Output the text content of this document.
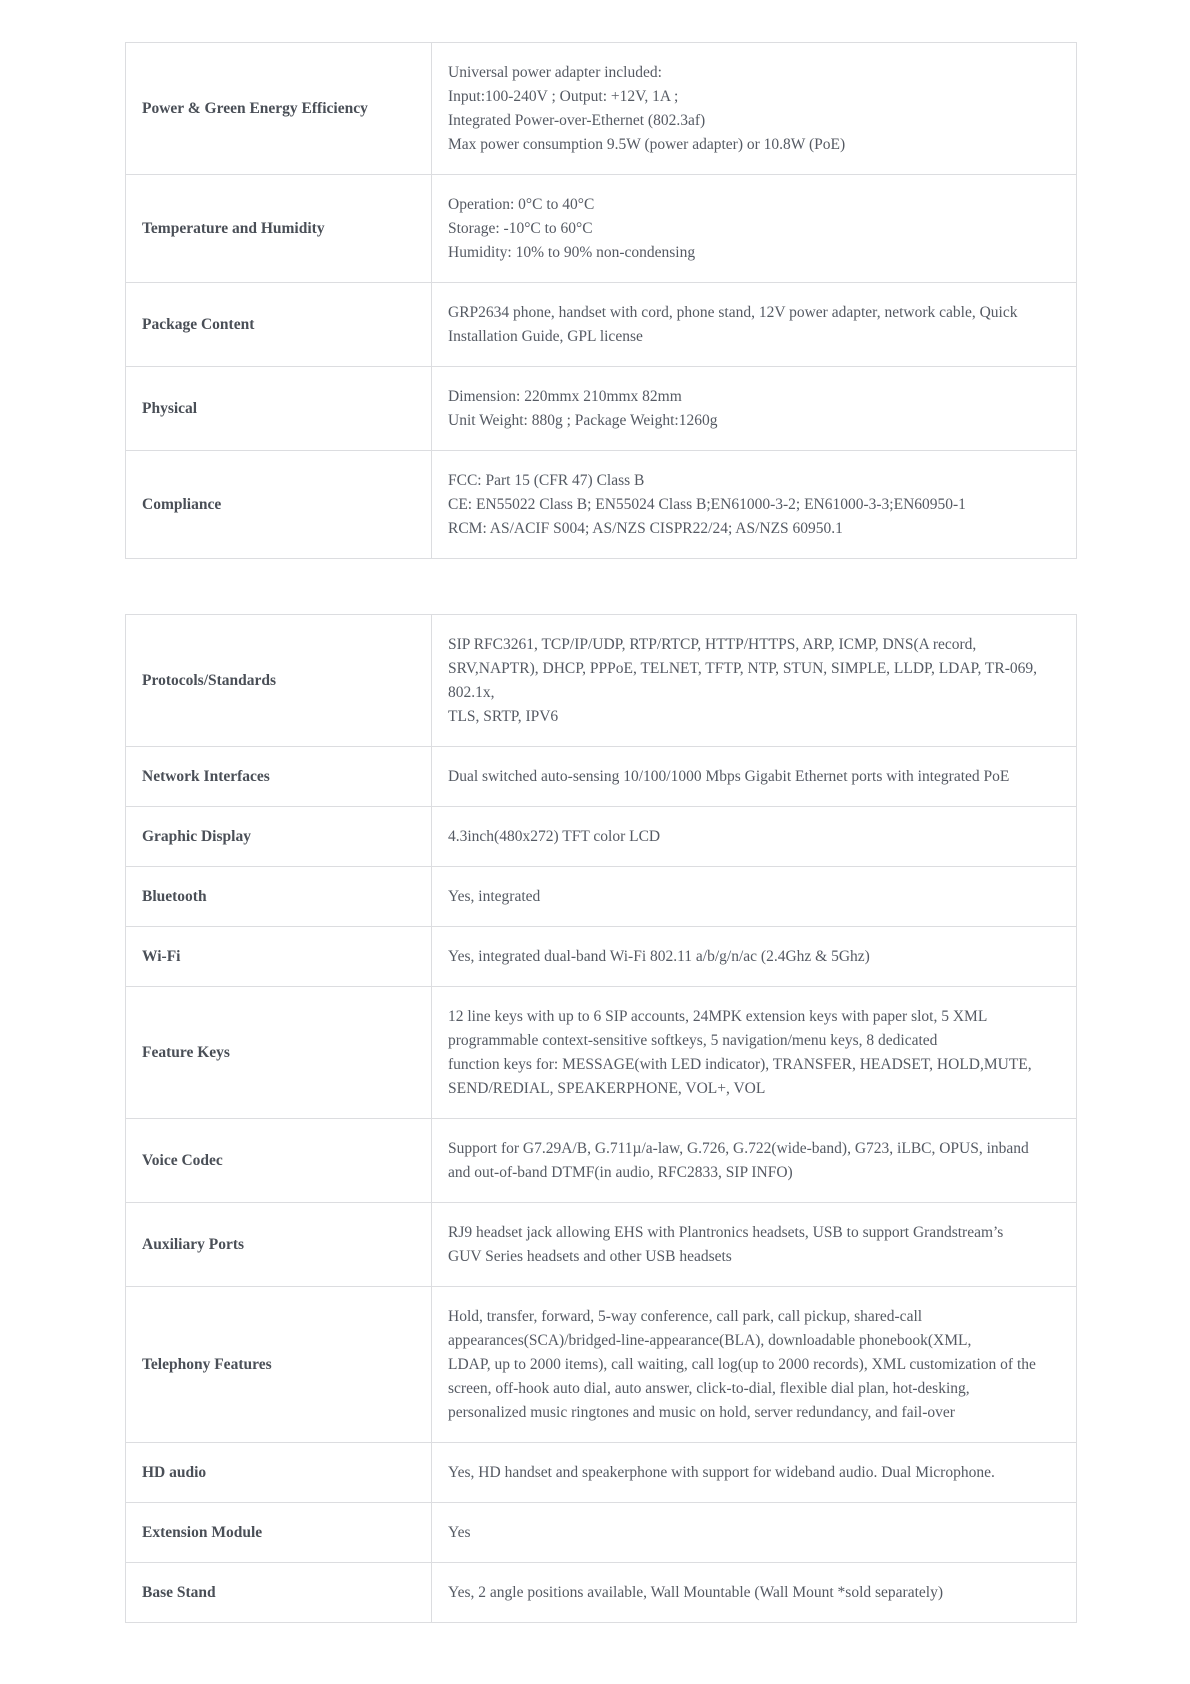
Power & Green Energy Efficiency	Universal power adapter included:
Input:100-240V ; Output: +12V, 1A ;
Integrated Power-over-Ethernet (802.3af)
Max power consumption 9.5W (power adapter) or 10.8W (PoE)

Temperature and Humidity	Operation: 0°C to 40°C
Storage: -10°C to 60°C
Humidity: 10% to 90% non-condensing

Package Content	GRP2634 phone, handset with cord, phone stand, 12V power adapter, network cable, Quick
Installation Guide, GPL license

Physical	Dimension: 220mmx 210mmx 82mm
Unit Weight: 880g ; Package Weight:1260g

Compliance	FCC: Part 15 (CFR 47) Class B
CE: EN55022 Class B; EN55024 Class B;EN61000-3-2; EN61000-3-3;EN60950-1
RCM: AS/ACIF S004; AS/NZS CISPR22/24; AS/NZS 60950.1
Protocols/Standards	SIP RFC3261, TCP/IP/UDP, RTP/RTCP, HTTP/HTTPS, ARP, ICMP, DNS(A record,
SRV,NAPTR), DHCP, PPPoE, TELNET, TFTP, NTP, STUN, SIMPLE, LLDP, LDAP, TR-069,
802.1x,
TLS, SRTP, IPV6

Network Interfaces	Dual switched auto-sensing 10/100/1000 Mbps Gigabit Ethernet ports with integrated PoE

Graphic Display	4.3inch(480x272) TFT color LCD

Bluetooth	Yes, integrated

Wi-Fi	Yes, integrated dual-band Wi-Fi 802.11 a/b/g/n/ac (2.4Ghz & 5Ghz)

Feature Keys	12 line keys with up to 6 SIP accounts, 24MPK extension keys with paper slot, 5 XML
programmable context-sensitive softkeys, 5 navigation/menu keys, 8 dedicated
function keys for: MESSAGE(with LED indicator), TRANSFER, HEADSET, HOLD,MUTE,
SEND/REDIAL, SPEAKERPHONE, VOL+, VOL

Voice Codec	Support for G7.29A/B, G.711µ/a-law, G.726, G.722(wide-band), G723, iLBC, OPUS, inband
and out-of-band DTMF(in audio, RFC2833, SIP INFO)

Auxiliary Ports	RJ9 headset jack allowing EHS with Plantronics headsets, USB to support Grandstream’s
GUV Series headsets and other USB headsets

Telephony Features	Hold, transfer, forward, 5-way conference, call park, call pickup, shared-call
appearances(SCA)/bridged-line-appearance(BLA), downloadable phonebook(XML,
LDAP, up to 2000 items), call waiting, call log(up to 2000 records), XML customization of the
screen, off-hook auto dial, auto answer, click-to-dial, flexible dial plan, hot-desking,
personalized music ringtones and music on hold, server redundancy, and fail-over

HD audio	Yes, HD handset and speakerphone with support for wideband audio. Dual Microphone.

Extension Module	Yes

Base Stand	Yes, 2 angle positions available, Wall Mountable (Wall Mount *sold separately)
